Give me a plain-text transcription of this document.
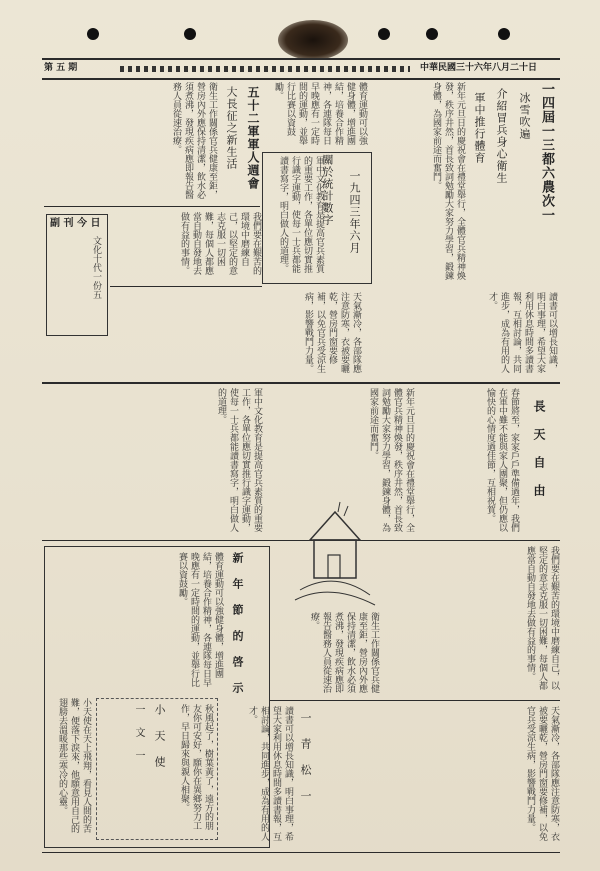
第 五 期	中華民國三十六年八月二十日
一四屆一三都六農次一
冰雪吹遍
介紹冒兵身心衛生
軍中推行體育
新年元旦日的慶祝會在禮堂舉行，全體官兵精神煥發，秩序井然，首長致詞勉勵大家努力學習，鍛鍊身體，為國家前途而奮鬥。
軍中文化教育是提高官兵素質的重要工作，各單位應切實推行識字運動，使每一士兵都能讀書寫字，明白做人的道理。	一九四三年六月
體育運動可以強健身體，增進團結，培養合作精神，各連隊每日早晚應有一定時間的運動，並舉行比賽以資鼓勵。
關於統計數字
五十二軍軍人週會
大長征之新生活
衛生工作關係官兵健康至鉅，營房內外應保持清潔，飲水必須煮沸，發現疾病應即報告醫務人員從速治療。
副 刊 今 日
文化十代一份五	我們要在艱苦的環境中磨練自己，以堅定的意志克服一切困難，每個人都應當自動自發地去做有益的事情。
天氣漸冷，各部隊應注意防寒，衣被要曬乾，營房門窗要修補，以免官兵受涼生病，影響戰鬥力量。	讀書可以增長知識，明白事理，希望大家利用休息時間多讀書報，互相討論，共同進步，成為有用的人才。
長 天 自 由
春節將至，家家戶戶準備過年，我們在軍中雖不能與家人團聚，但仍應以愉快的心情度過佳節，互相祝賀。
新年元旦日的慶祝會在禮堂舉行，全體官兵精神煥發，秩序井然，首長致詞勉勵大家努力學習，鍛鍊身體，為國家前途而奮鬥。
軍中文化教育是提高官兵素質的重要工作，各單位應切實推行識字運動，使每一士兵都能讀書寫字，明白做人的道理。
新 年 節 的 啓 示
體育運動可以強健身體，增進團結，培養合作精神，各連隊每日早晚應有一定時間的運動，並舉行比賽以資鼓勵。
小 天 使
一 文 一
小天使在天上飛翔，看見人間的苦難，便落下淚來，他願意用自己的翅膀去溫暖那些寒冷的心靈。	秋風起了，樹葉黃了，遠方的朋友你可安好，願你在異鄉努力工作，早日歸來與親人相聚。
衛生工作關係官兵健康至鉅，營房內外應保持清潔，飲水必須煮沸，發現疾病應即報告醫務人員從速治療。	我們要在艱苦的環境中磨練自己，以堅定的意志克服一切困難，每個人都應當自動自發地去做有益的事情。
一 青 松 一	天氣漸冷，各部隊應注意防寒，衣被要曬乾，營房門窗要修補，以免官兵受涼生病，影響戰鬥力量。
讀書可以增長知識，明白事理，希望大家利用休息時間多讀書報，互相討論，共同進步，成為有用的人才。
